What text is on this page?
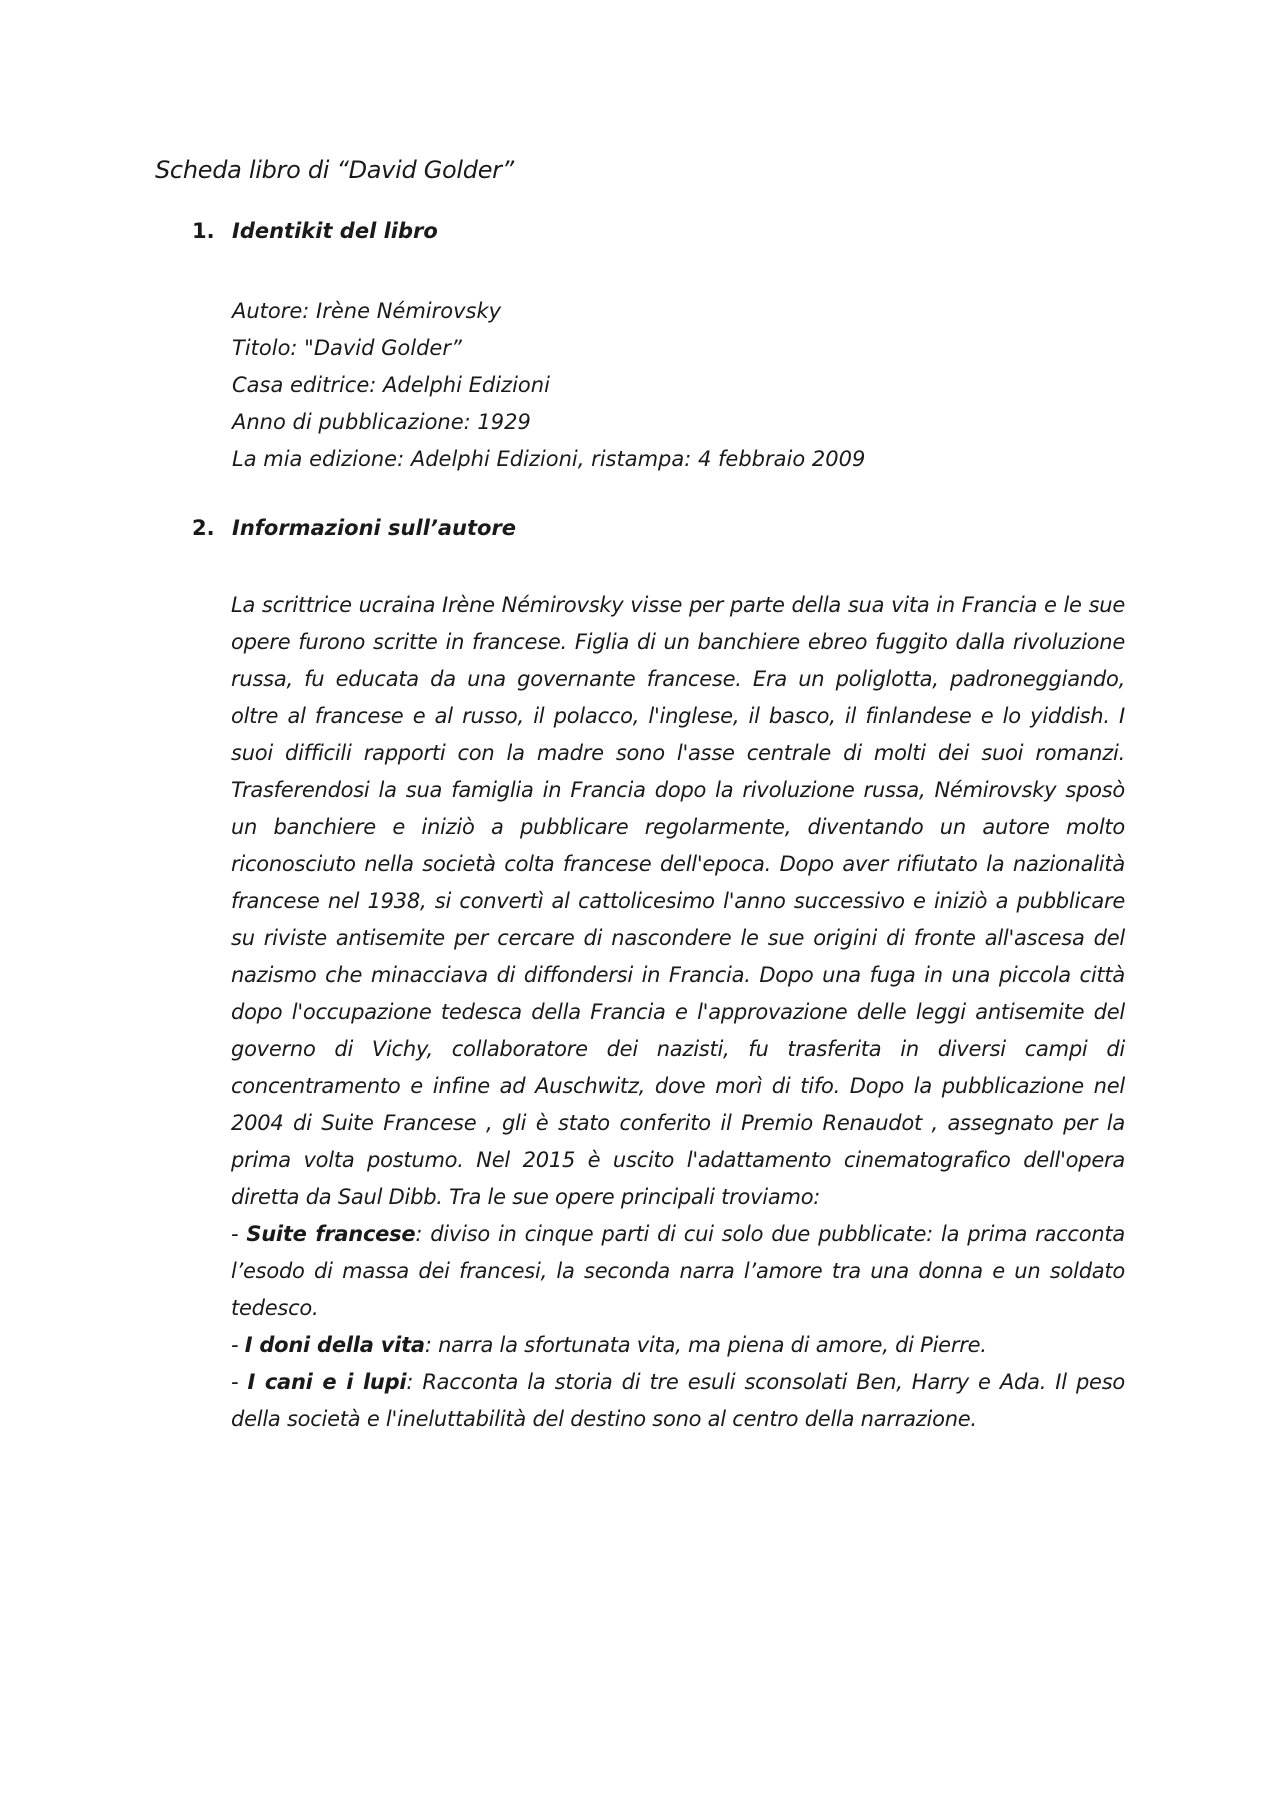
Scheda libro di “David Golder”
1. Identikit del libro
Autore: Irène Némirovsky
Titolo: "David Golder”
Casa editrice: Adelphi Edizioni
Anno di pubblicazione: 1929
La mia edizione: Adelphi Edizioni, ristampa: 4 febbraio 2009
2. Informazioni sull’autore

La scrittrice ucraina Irène Némirovsky visse per parte della sua vita in Francia e le sue opere furono scritte in francese. Figlia di un banchiere ebreo fuggito dalla rivoluzione russa, fu educata da una governante francese. Era un poliglotta, padroneggiando, oltre al francese e al russo, il polacco, l'inglese, il basco, il finlandese e lo yiddish. I suoi difficili rapporti con la madre sono l'asse centrale di molti dei suoi romanzi. Trasferendosi la sua famiglia in Francia dopo la rivoluzione russa, Némirovsky sposò un banchiere e iniziò a pubblicare regolarmente, diventando un autore molto riconosciuto nella società colta francese dell'epoca. Dopo aver rifiutato la nazionalità francese nel 1938, si convertì al cattolicesimo l'anno successivo e iniziò a pubblicare su riviste antisemite per cercare di nascondere le sue origini di fronte all'ascesa del nazismo che minacciava di diffondersi in Francia. Dopo una fuga in una piccola città dopo l'occupazione tedesca della Francia e l'approvazione delle leggi antisemite del governo di Vichy, collaboratore dei nazisti, fu trasferita in diversi campi di concentramento e infine ad Auschwitz, dove morì di tifo. Dopo la pubblicazione nel 2004 di Suite Francese , gli è stato conferito il Premio Renaudot , assegnato per la prima volta postumo. Nel 2015 è uscito l'adattamento cinematografico dell'opera diretta da Saul Dibb. Tra le sue opere principali troviamo:

- Suite francese: diviso in cinque parti di cui solo due pubblicate: la prima racconta l’esodo di massa dei francesi, la seconda narra l’amore tra una donna e un soldato tedesco.

- I doni della vita: narra la sfortunata vita, ma piena di amore, di Pierre.

- I cani e i lupi: Racconta la storia di tre esuli sconsolati Ben, Harry e Ada. Il peso della società e l'ineluttabilità del destino sono al centro della narrazione.
